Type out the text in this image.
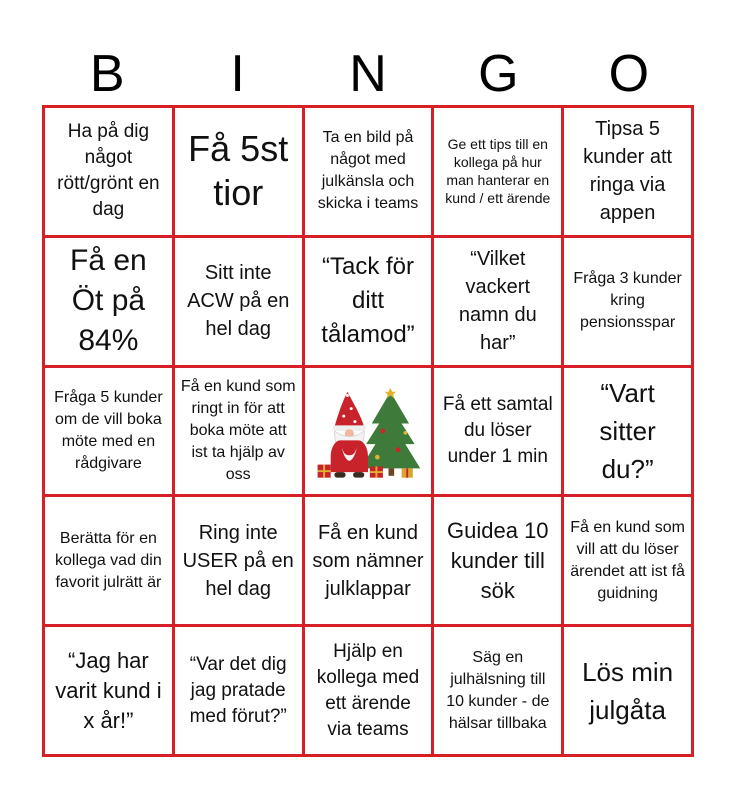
B	I	N	G	O
Ha på dig något rött/grönt en dag
Få 5st tior
Ta en bild på något med julkänsla och skicka i teams
Ge ett tips till en kollega på hur man hanterar en kund / ett ärende
Tipsa 5 kunder att ringa via appen
Få en Öt på 84%
Sitt inte ACW på en hel dag
“Tack för ditt tålamod”
“Vilket vackert namn du har”
Fråga 3 kunder kring pensionsspar
Fråga 5 kunder om de vill boka möte med en rådgivare
Få en kund som ringt in för att boka möte att ist ta hjälp av oss
Få ett samtal du löser under 1 min
“Vart sitter du?”
Berätta för en kollega vad din favorit julrätt är
Ring inte USER på en hel dag
Få en kund som nämner julklappar
Guidea 10 kunder till sök
Få en kund som vill att du löser ärendet att ist få guidning
“Jag har varit kund i x år!”
“Var det dig jag pratade med förut?”
Hjälp en kollega med ett ärende via teams
Säg en julhälsning till 10 kunder - de hälsar tillbaka
Lös min julgåta
